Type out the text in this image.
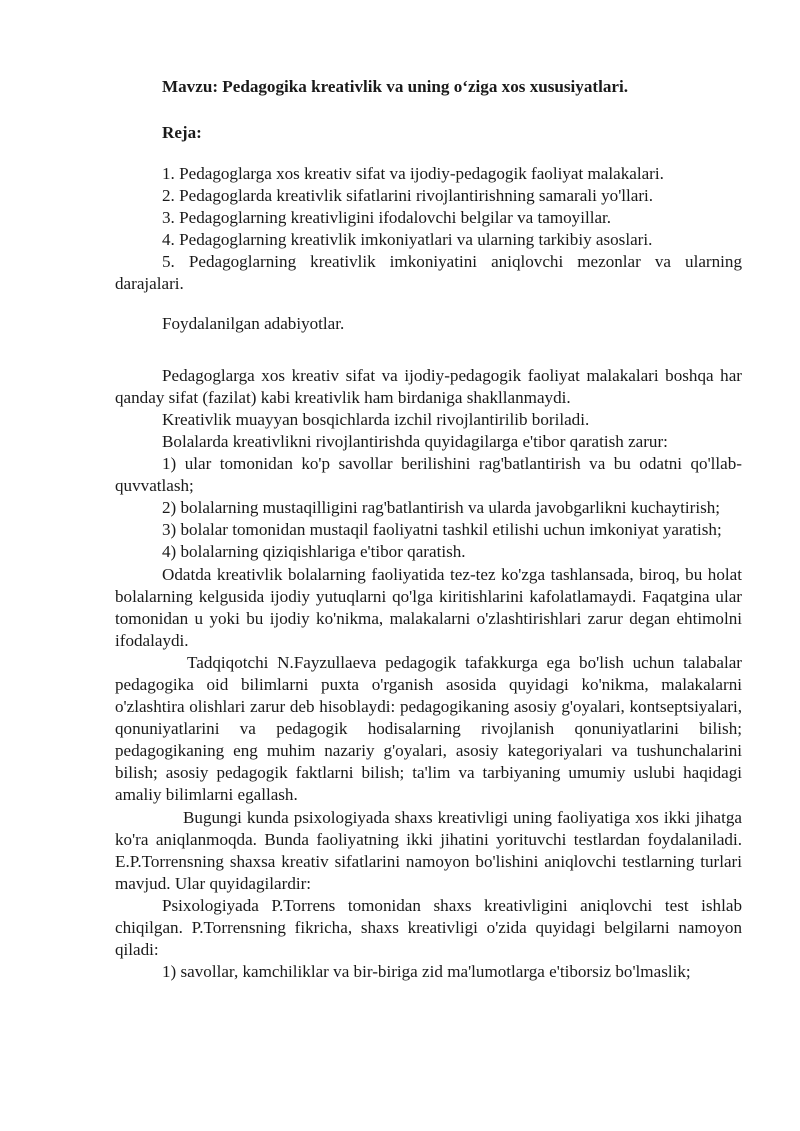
Mavzu: Pedagogika kreativlik va uning oʻziga xos xususiyatlari.

Reja:

1. Pedagoglarga xos kreativ sifat va ijodiy-pedagogik faoliyat malakalari.

2. Pedagoglarda kreativlik sifatlarini rivojlantirishning samarali yo'llari.

3. Pedagoglarning kreativligini ifodalovchi belgilar va tamoyillar.

4. Pedagoglarning kreativlik imkoniyatlari va ularning tarkibiy asoslari.

5. Pedagoglarning kreativlik imkoniyatini aniqlovchi mezonlar va ularning darajalari.

Foydalanilgan adabiyotlar.

Pedagoglarga xos kreativ sifat va ijodiy-pedagogik faoliyat malakalari boshqa har qanday sifat (fazilat) kabi kreativlik ham birdaniga shakllanmaydi.

Kreativlik muayyan bosqichlarda izchil rivojlantirilib boriladi.

Bolalarda kreativlikni rivojlantirishda quyidagilarga e'tibor qaratish zarur:

1) ular tomonidan ko'p savollar berilishini rag'batlantirish va bu odatni qo'llab-quvvatlash;

2) bolalarning mustaqilligini rag'batlantirish va ularda javobgarlikni kuchaytirish;

3) bolalar tomonidan mustaqil faoliyatni tashkil etilishi uchun imkoniyat yaratish;

4) bolalarning qiziqishlariga e'tibor qaratish.

Odatda kreativlik bolalarning faoliyatida tez-tez ko'zga tashlansada, biroq, bu holat bolalarning kelgusida ijodiy yutuqlarni qo'lga kiritishlarini kafolatlamaydi. Faqatgina ular tomonidan u yoki bu ijodiy ko'nikma, malakalarni o'zlashtirishlari zarur degan ehtimolni ifodalaydi.

Tadqiqotchi N.Fayzullaeva pedagogik tafakkurga ega bo'lish uchun talabalar pedagogika oid bilimlarni puxta o'rganish asosida quyidagi ko'nikma, malakalarni o'zlashtira olishlari zarur deb hisoblaydi: pedagogikaning asosiy g'oyalari, kontseptsiyalari, qonuniyatlarini va pedagogik hodisalarning rivojlanish qonuniyatlarini bilish; pedagogikaning eng muhim nazariy g'oyalari, asosiy kategoriyalari va tushunchalarini bilish; asosiy pedagogik faktlarni bilish; ta'lim va tarbiyaning umumiy uslubi haqidagi amaliy bilimlarni egallash.

Bugungi kunda psixologiyada shaxs kreativligi uning faoliyatiga xos ikki jihatga ko'ra aniqlanmoqda. Bunda faoliyatning ikki jihatini yorituvchi testlardan foydalaniladi. E.P.Torrensning shaxsa kreativ sifatlarini namoyon bo'lishini aniqlovchi testlarning turlari mavjud. Ular quyidagilardir:

Psixologiyada P.Torrens tomonidan shaxs kreativligini aniqlovchi test ishlab chiqilgan. P.Torrensning fikricha, shaxs kreativligi o'zida quyidagi belgilarni namoyon qiladi:

1) savollar, kamchiliklar va bir-biriga zid ma'lumotlarga e'tiborsiz bo'lmaslik;
